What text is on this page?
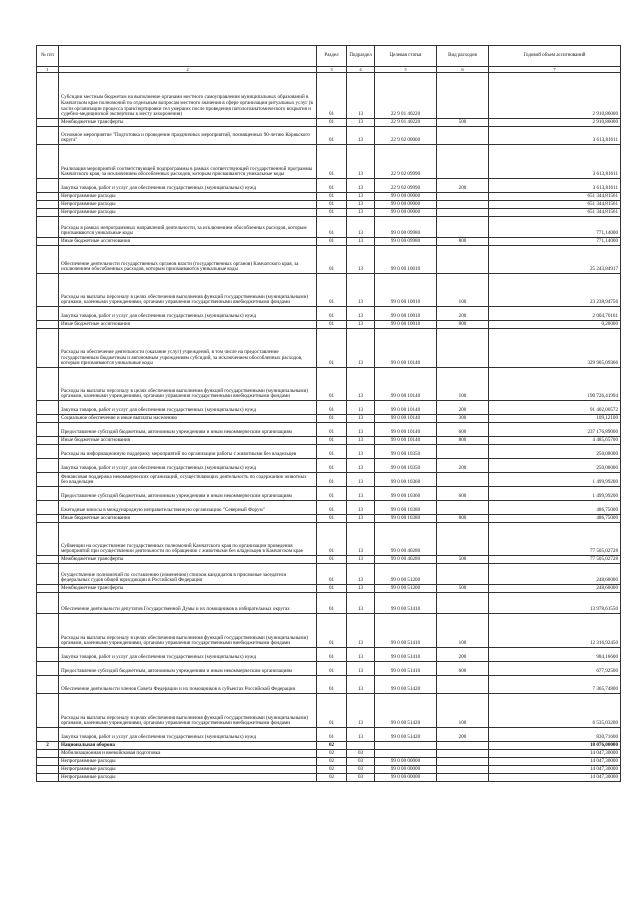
№ п/п		Раздел	Подраздел	Целевая статья	Вид расходов	Годовой объем ассигнований
1	2	3	4	5	6	7
	Субсидии местным бюджетам на выполнение органами местного самоуправления муниципальных образований в Камчатском крае полномочий по отдельным вопросам местного значения в сфере организации ритуальных услуг (в части организации процесса транспортировки тел умерших после проведения патологоанатомического вскрытия и судебно-медицинской экспертизы к месту захоронения)	01	13	22 9 01 40220		2 910,86000
	Межбюджетные трансферты	01	13	22 9 01 40220	500	2 910,86000
	Основное мероприятие "Подготовка и проведение праздничных мероприятий, посвященных 90-летию Корякского округа"	01	13	22 9 02 00000		3 613,81611
	Реализация мероприятий соответствующей подпрограммы в рамках соответствующей государственной программы Камчатского края, за исключением обособленных расходов, которым присваиваются уникальные коды	01	13	22 9 02 09990		3 613,81611
	Закупка товаров, работ и услуг для обеспечения государственных (муниципальных) нужд	01	13	22 9 02 09990	200	3 613,81611
	Непрограммные расходы	01	13	99 0 00 00000		651 344,81561
	Непрограммные расходы	01	13	99 0 00 00000		651 344,81561
	Непрограммные расходы	01	13	99 0 00 00000		651 344,81561
	Расходы в рамках непрограммных направлений деятельности, за исключением обособленных расходов, которым присваиваются уникальные коды	01	13	99 0 00 09980		771,14000
	Иные бюджетные ассигнования	01	13	99 0 00 09980	800	771,14000
	Обеспечение деятельности государственных органов власти (государственных органов) Камчатского края, за исключением обособленных расходов, которым присваиваются уникальные коды	01	13	99 0 00 10010		25 243,84917
	Расходы на выплаты персоналу в целях обеспечения выполнения функций государственными (муниципальными) органами, казенными учреждениями, органами управления государственными внебюджетными фондами	01	13	99 0 00 10010	100	23 238,94756
	Закупка товаров, работ и услуг для обеспечения государственных (муниципальных) нужд	01	13	99 0 00 10010	200	2 004,70161
	Иные бюджетные ассигнования	01	13	99 0 00 10010	800	0,20000
	Расходы на обеспечение деятельности (оказание услуг) учреждений, в том числе на предоставление государственным бюджетным и автономным учреждениям субсидий, за исключением обособленных расходов, которым присваиваются уникальные коды	01	13	99 0 00 10140		329 905,09366
	Расходы на выплаты персоналу в целях обеспечения выполнения функций государственными (муниципальными) органами, казенными учреждениями, органами управления государственными внебюджетными фондами	01	13	99 0 00 10140	100	190 726,41994
	Закупка товаров, работ и услуг для обеспечения государственных (муниципальных) нужд	01	13	99 0 00 10140	200	91 402,00572
	Социальное обеспечение и иные выплаты населению	01	13	99 0 00 10140	300	109,12100
	Предоставление субсидий бюджетным, автономным учреждениям и иным некоммерческим организациям	01	13	99 0 00 10140	600	237 176,89000
	Иные бюджетные ассигнования	01	13	99 0 00 10140	800	4 485,65700
	Расходы на информационную поддержку мероприятий по организации работы с животными без владельцев	01	13	99 0 00 10350		250,00000
	Закупка товаров, работ и услуг для обеспечения государственных (муниципальных) нужд	01	13	99 0 00 10350	200	250,00000
	Финансовая поддержка некоммерческих организаций, осуществляющих деятельность по содержанию животных без владельцев	01	13	99 0 00 10360		1 499,99200
	Предоставление субсидий бюджетным, автономным учреждениям и иным некоммерческим организациям	01	13	99 0 00 10360	600	1 499,99200
	Ежегодные взносы в международную неправительственную организацию "Северный Форум"	01	13	99 0 00 10380		486,75000
	Иные бюджетные ассигнования	01	13	99 0 00 10380	800	486,75000
	Субвенции на осуществление государственных полномочий Камчатского края по организации проведения мероприятий при осуществлении деятельности по обращению с животными без владельцев в Камчатском крае	01	13	99 0 00 40280		77 505,02728
	Межбюджетные трансферты	01	13	99 0 00 40280	500	77 505,02728
	Осуществление полномочий по составлению (изменению) списков кандидатов в присяжные заседатели федеральных судов общей юрисдикции в Российской Федерации	01	13	99 0 00 51200		248,60000
	Межбюджетные трансферты	01	13	99 0 00 51200	500	248,60000
	Обеспечение деятельности депутатов Государственной Думы и их помощников в избирательных округах	01	13	99 0 00 51410		13 978,61550
	Расходы на выплаты персоналу в целях обеспечения выполнения функций государственными (муниципальными) органами, казенными учреждениями, органами управления государственными внебюджетными фондами	01	13	99 0 00 51410	100	12 316,92450
	Закупка товаров, работ и услуг для обеспечения государственных (муниципальных) нужд	01	13	99 0 00 51410	200	984,16600
	Предоставление субсидий бюджетным, автономным учреждениям и иным некоммерческим организациям	01	13	99 0 00 51410	600	677,92500
	Обеспечение деятельности членов Совета Федерации и их помощников в субъектах Российской Федерации	01	13	99 0 00 51420		7 365,74800
	Расходы на выплаты персоналу в целях обеспечения выполнения функций государственными (муниципальными) органами, казенными учреждениями, органами управления государственными внебюджетными фондами	01	13	99 0 00 51420	100	6 535,03200
	Закупка товаров, работ и услуг для обеспечения государственных (муниципальных) нужд	01	13	99 0 00 51420	200	830,71600
2	Национальная оборона	02				18 076,00000
	Мобилизационная и вневойсковая подготовка	02	03			14 047,30000
	Непрограммные расходы	02	03	99 0 00 00000		14 047,30000
	Непрограммные расходы	02	03	99 0 00 00000		14 047,30000
	Непрограммные расходы	02	03	99 0 00 00000		14 047,30000
